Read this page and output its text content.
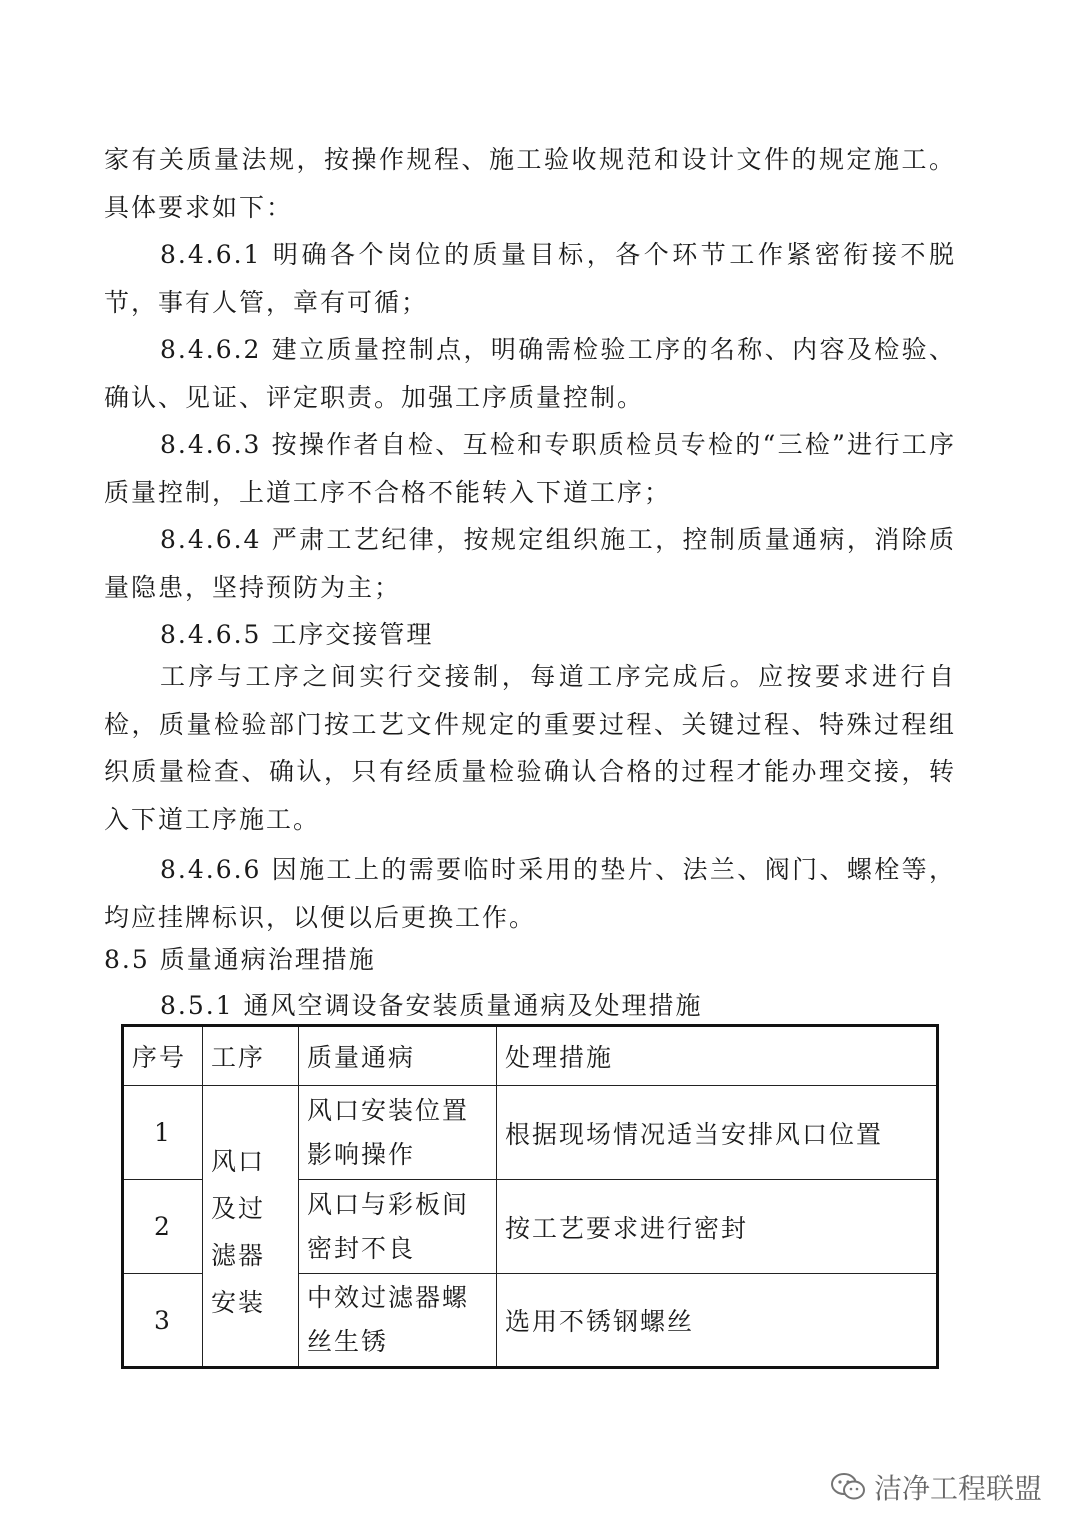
家有关质量法规，按操作规程、施工验收规范和设计文件的规定施工。具体要求如下：

8.4.6.1 明确各个岗位的质量目标，各个环节工作紧密衔接不脱节，事有人管，章有可循；

8.4.6.2 建立质量控制点，明确需检验工序的名称、内容及检验、确认、见证、评定职责。加强工序质量控制。

8.4.6.3 按操作者自检、互检和专职质检员专检的“三检”进行工序质量控制，上道工序不合格不能转入下道工序；

8.4.6.4 严肃工艺纪律，按规定组织施工，控制质量通病，消除质量隐患，坚持预防为主；

8.4.6.5 工序交接管理

工序与工序之间实行交接制，每道工序完成后。应按要求进行自检，质量检验部门按工艺文件规定的重要过程、关键过程、特殊过程组织质量检查、确认，只有经质量检验确认合格的过程才能办理交接，转入下道工序施工。

8.4.6.6 因施工上的需要临时采用的垫片、法兰、阀门、螺栓等，均应挂牌标识，以便以后更换工作。

8.5 质量通病治理措施

8.5.1 通风空调设备安装质量通病及处理措施

序号	工序	质量通病	处理措施
1	风口及过滤器安装	风口安装位置影响操作	根据现场情况适当安排风口位置
2		风口与彩板间密封不良	按工艺要求进行密封
3		中效过滤器螺丝生锈	选用不锈钢螺丝
洁净工程联盟
